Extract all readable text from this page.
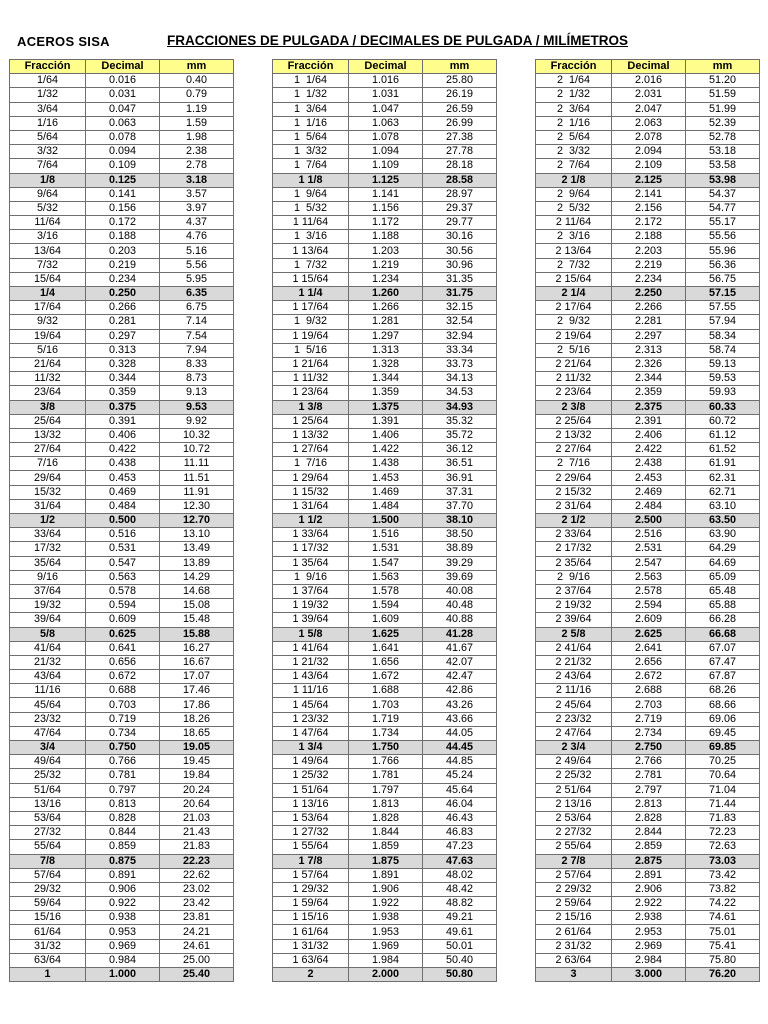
ACEROS SISA	FRACCIONES DE PULGADA / DECIMALES DE PULGADA / MILÍMETROS
Fracción	Decimal	mm
1/64	0.016	0.40
1/32	0.031	0.79
3/64	0.047	1.19
1/16	0.063	1.59
5/64	0.078	1.98
3/32	0.094	2.38
7/64	0.109	2.78
1/8	0.125	3.18
9/64	0.141	3.57
5/32	0.156	3.97
11/64	0.172	4.37
3/16	0.188	4.76
13/64	0.203	5.16
7/32	0.219	5.56
15/64	0.234	5.95
1/4	0.250	6.35
17/64	0.266	6.75
9/32	0.281	7.14
19/64	0.297	7.54
5/16	0.313	7.94
21/64	0.328	8.33
11/32	0.344	8.73
23/64	0.359	9.13
3/8	0.375	9.53
25/64	0.391	9.92
13/32	0.406	10.32
27/64	0.422	10.72
7/16	0.438	11.11
29/64	0.453	11.51
15/32	0.469	11.91
31/64	0.484	12.30
1/2	0.500	12.70
33/64	0.516	13.10
17/32	0.531	13.49
35/64	0.547	13.89
9/16	0.563	14.29
37/64	0.578	14.68
19/32	0.594	15.08
39/64	0.609	15.48
5/8	0.625	15.88
41/64	0.641	16.27
21/32	0.656	16.67
43/64	0.672	17.07
11/16	0.688	17.46
45/64	0.703	17.86
23/32	0.719	18.26
47/64	0.734	18.65
3/4	0.750	19.05
49/64	0.766	19.45
25/32	0.781	19.84
51/64	0.797	20.24
13/16	0.813	20.64
53/64	0.828	21.03
27/32	0.844	21.43
55/64	0.859	21.83
7/8	0.875	22.23
57/64	0.891	22.62
29/32	0.906	23.02
59/64	0.922	23.42
15/16	0.938	23.81
61/64	0.953	24.21
31/32	0.969	24.61
63/64	0.984	25.00
1	1.000	25.40
Fracción	Decimal	mm
1  1/64	1.016	25.80
1  1/32	1.031	26.19
1  3/64	1.047	26.59
1  1/16	1.063	26.99
1  5/64	1.078	27.38
1  3/32	1.094	27.78
1  7/64	1.109	28.18
1 1/8	1.125	28.58
1  9/64	1.141	28.97
1  5/32	1.156	29.37
1 11/64	1.172	29.77
1  3/16	1.188	30.16
1 13/64	1.203	30.56
1  7/32	1.219	30.96
1 15/64	1.234	31.35
1 1/4	1.260	31.75
1 17/64	1.266	32.15
1  9/32	1.281	32.54
1 19/64	1.297	32.94
1  5/16	1.313	33.34
1 21/64	1.328	33.73
1 11/32	1.344	34.13
1 23/64	1.359	34.53
1 3/8	1.375	34.93
1 25/64	1.391	35.32
1 13/32	1.406	35.72
1 27/64	1.422	36.12
1  7/16	1.438	36.51
1 29/64	1.453	36.91
1 15/32	1.469	37.31
1 31/64	1.484	37.70
1 1/2	1.500	38.10
1 33/64	1.516	38.50
1 17/32	1.531	38.89
1 35/64	1.547	39.29
1  9/16	1.563	39.69
1 37/64	1.578	40.08
1 19/32	1.594	40.48
1 39/64	1.609	40.88
1 5/8	1.625	41.28
1 41/64	1.641	41.67
1 21/32	1.656	42.07
1 43/64	1.672	42.47
1 11/16	1.688	42.86
1 45/64	1.703	43.26
1 23/32	1.719	43.66
1 47/64	1.734	44.05
1 3/4	1.750	44.45
1 49/64	1.766	44.85
1 25/32	1.781	45.24
1 51/64	1.797	45.64
1 13/16	1.813	46.04
1 53/64	1.828	46.43
1 27/32	1.844	46.83
1 55/64	1.859	47.23
1 7/8	1.875	47.63
1 57/64	1.891	48.02
1 29/32	1.906	48.42
1 59/64	1.922	48.82
1 15/16	1.938	49.21
1 61/64	1.953	49.61
1 31/32	1.969	50.01
1 63/64	1.984	50.40
2	2.000	50.80
Fracción	Decimal	mm
2  1/64	2.016	51.20
2  1/32	2.031	51.59
2  3/64	2.047	51.99
2  1/16	2.063	52.39
2  5/64	2.078	52.78
2  3/32	2.094	53.18
2  7/64	2.109	53.58
2 1/8	2.125	53.98
2  9/64	2.141	54.37
2  5/32	2.156	54.77
2 11/64	2.172	55.17
2  3/16	2.188	55.56
2 13/64	2.203	55.96
2  7/32	2.219	56.36
2 15/64	2.234	56.75
2 1/4	2.250	57.15
2 17/64	2.266	57.55
2  9/32	2.281	57.94
2 19/64	2.297	58.34
2  5/16	2.313	58.74
2 21/64	2.326	59.13
2 11/32	2.344	59.53
2 23/64	2.359	59.93
2 3/8	2.375	60.33
2 25/64	2.391	60.72
2 13/32	2.406	61.12
2 27/64	2.422	61.52
2  7/16	2.438	61.91
2 29/64	2.453	62.31
2 15/32	2.469	62.71
2 31/64	2.484	63.10
2 1/2	2.500	63.50
2 33/64	2.516	63.90
2 17/32	2.531	64.29
2 35/64	2.547	64.69
2  9/16	2.563	65.09
2 37/64	2.578	65.48
2 19/32	2.594	65.88
2 39/64	2.609	66.28
2 5/8	2.625	66.68
2 41/64	2.641	67.07
2 21/32	2.656	67.47
2 43/64	2.672	67.87
2 11/16	2.688	68.26
2 45/64	2.703	68.66
2 23/32	2.719	69.06
2 47/64	2.734	69.45
2 3/4	2.750	69.85
2 49/64	2.766	70.25
2 25/32	2.781	70.64
2 51/64	2.797	71.04
2 13/16	2.813	71.44
2 53/64	2.828	71.83
2 27/32	2.844	72.23
2 55/64	2.859	72.63
2 7/8	2.875	73.03
2 57/64	2.891	73.42
2 29/32	2.906	73.82
2 59/64	2.922	74.22
2 15/16	2.938	74.61
2 61/64	2.953	75.01
2 31/32	2.969	75.41
2 63/64	2.984	75.80
3	3.000	76.20
